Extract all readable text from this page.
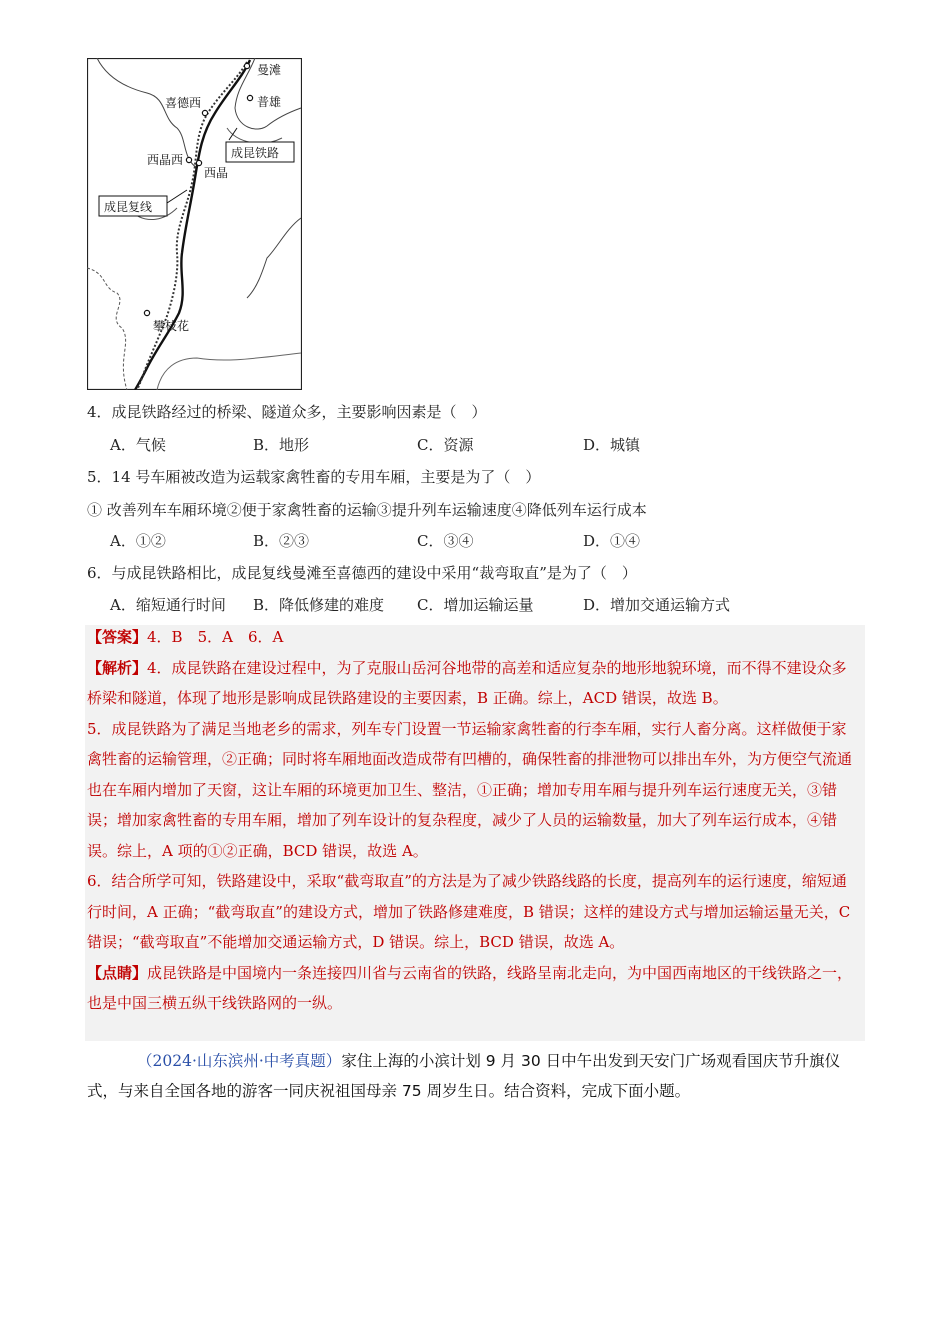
曼滩
喜德西	普雄
成昆铁路
西晶西
西晶
成昆复线
攀枝花
4．成昆铁路经过的桥梁、隧道众多，主要影响因素是（　）
A．气候	B．地形	C．资源	D．城镇
5．14 号车厢被改造为运载家禽牲畜的专用车厢，主要是为了（　）
① 改善列车车厢环境②便于家禽牲畜的运输③提升列车运输速度④降低列车运行成本
A．①②	B．②③	C．③④	D．①④
6．与成昆铁路相比，成昆复线曼滩至喜德西的建设中采用“裁弯取直”是为了（　）
A．缩短通行时间 B．降低修建的难度 C．增加运输运量	D．增加交通运输方式

【答案】4．B　5．A　6．A

【解析】4．成昆铁路在建设过程中，为了克服山岳河谷地带的高差和适应复杂的地形地貌环境，而不得不建设众多桥梁和隧道，体现了地形是影响成昆铁路建设的主要因素，B 正确。综上，ACD 错误，故选 B。

5．成昆铁路为了满足当地老乡的需求，列车专门设置一节运输家禽牲畜的行李车厢，实行人畜分离。这样做便于家禽牲畜的运输管理，②正确；同时将车厢地面改造成带有凹槽的，确保牲畜的排泄物可以排出车外，为方便空气流通也在车厢内增加了天窗，这让车厢的环境更加卫生、整洁，①正确；增加专用车厢与提升列车运行速度无关，③错误；增加家禽牲畜的专用车厢，增加了列车设计的复杂程度，减少了人员的运输数量，加大了列车运行成本，④错误。综上，A 项的①②正确，BCD 错误，故选 A。

6．结合所学可知，铁路建设中，采取“截弯取直”的方法是为了减少铁路线路的长度，提高列车的运行速度，缩短通行时间，A 正确；“截弯取直”的建设方式，增加了铁路修建难度，B 错误；这样的建设方式与增加运输运量无关，C 错误；“截弯取直”不能增加交通运输方式，D 错误。综上，BCD 错误，故选 A。

【点睛】成昆铁路是中国境内一条连接四川省与云南省的铁路，线路呈南北走向，为中国西南地区的干线铁路之一，也是中国三横五纵干线铁路网的一纵。

（2024·山东滨州·中考真题）家住上海的小滨计划 9 月 30 日中午出发到天安门广场观看国庆节升旗仪式，与来自全国各地的游客一同庆祝祖国母亲 75 周岁生日。结合资料，完成下面小题。
